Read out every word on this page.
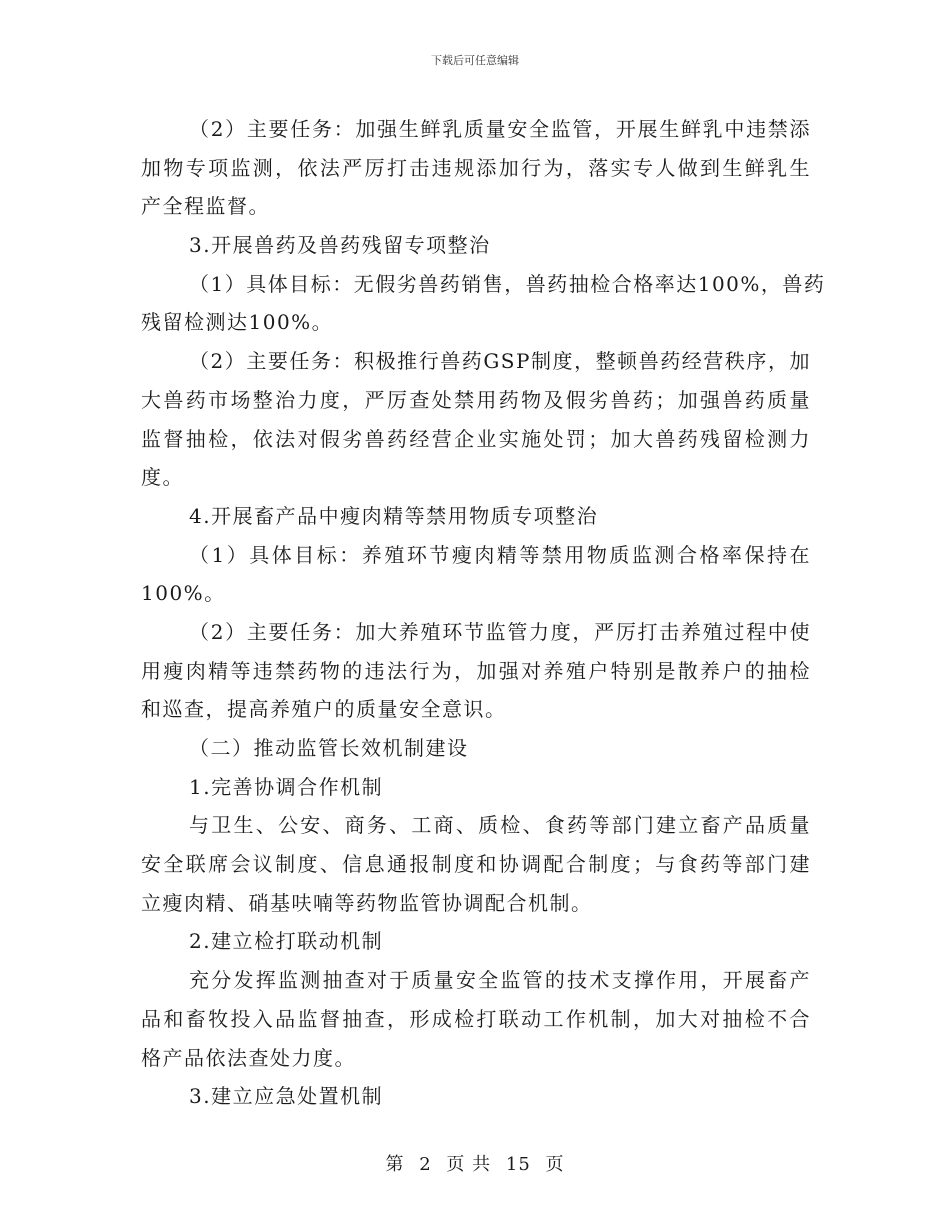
下载后可任意编辑
（2）主要任务：加强生鲜乳质量安全监管，开展生鲜乳中违禁添
加物专项监测，依法严厉打击违规添加行为，落实专人做到生鲜乳生
产全程监督。
3.开展兽药及兽药残留专项整治
（1）具体目标：无假劣兽药销售，兽药抽检合格率达100%，兽药
残留检测达100%。
（2）主要任务：积极推行兽药GSP制度，整顿兽药经营秩序，加
大兽药市场整治力度，严厉查处禁用药物及假劣兽药；加强兽药质量
监督抽检，依法对假劣兽药经营企业实施处罚；加大兽药残留检测力
度。
4.开展畜产品中瘦肉精等禁用物质专项整治
（1）具体目标：养殖环节瘦肉精等禁用物质监测合格率保持在
100%。
（2）主要任务：加大养殖环节监管力度，严厉打击养殖过程中使
用瘦肉精等违禁药物的违法行为，加强对养殖户特别是散养户的抽检
和巡查，提高养殖户的质量安全意识。
（二）推动监管长效机制建设
1.完善协调合作机制
与卫生、公安、商务、工商、质检、食药等部门建立畜产品质量
安全联席会议制度、信息通报制度和协调配合制度；与食药等部门建
立瘦肉精、硝基呋喃等药物监管协调配合机制。
2.建立检打联动机制
充分发挥监测抽查对于质量安全监管的技术支撑作用，开展畜产
品和畜牧投入品监督抽查，形成检打联动工作机制，加大对抽检不合
格产品依法查处力度。
3.建立应急处置机制
第 2 页 共 15 页
